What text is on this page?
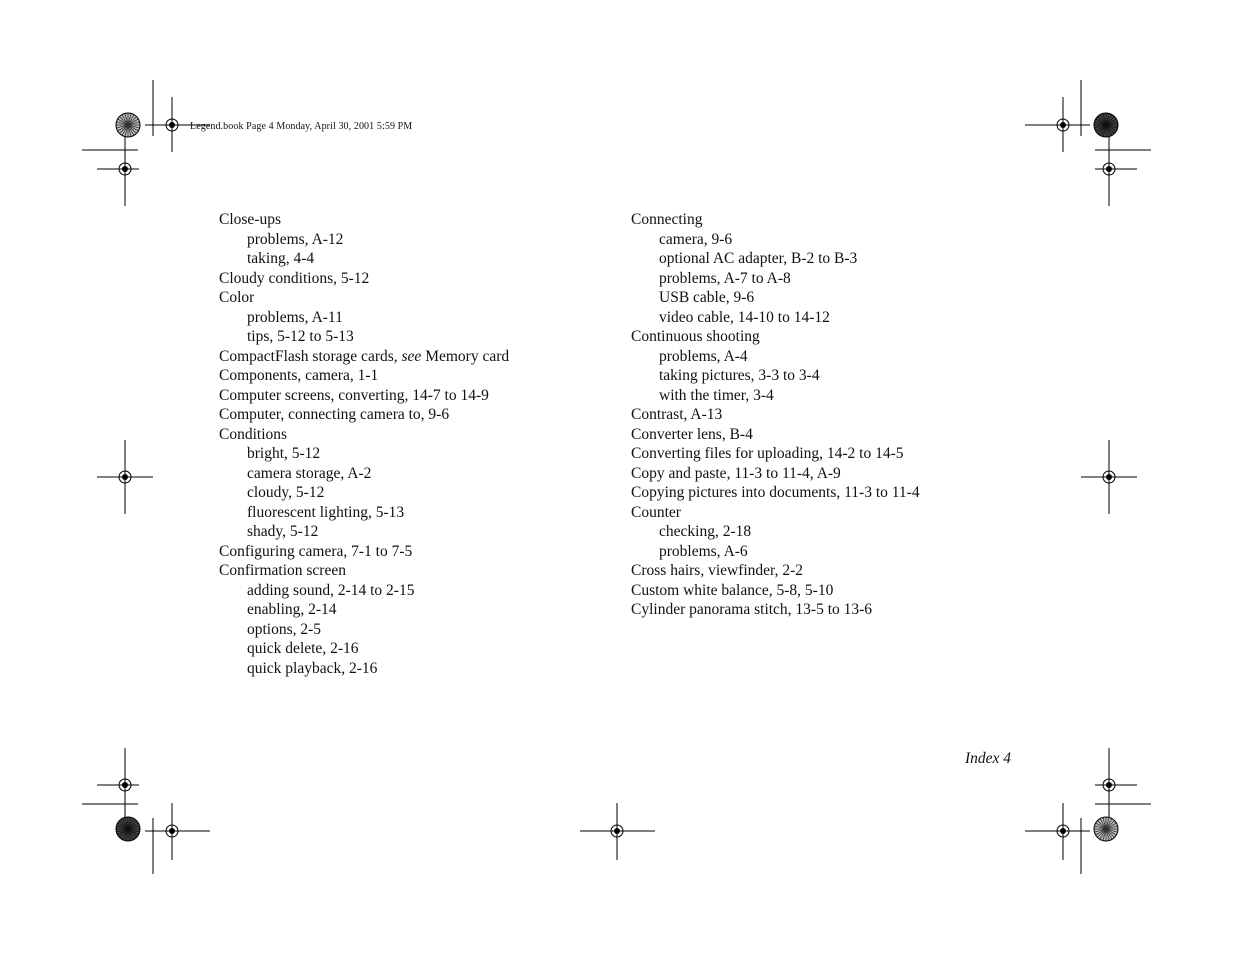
Legend.book Page 4 Monday, April 30, 2001 5:59 PM
Close-ups
problems, A-12
taking, 4-4
Cloudy conditions, 5-12
Color
problems, A-11
tips, 5-12 to 5-13
CompactFlash storage cards, see Memory card
Components, camera, 1-1
Computer screens, converting, 14-7 to 14-9
Computer, connecting camera to, 9-6
Conditions
bright, 5-12
camera storage, A-2
cloudy, 5-12
fluorescent lighting, 5-13
shady, 5-12
Configuring camera, 7-1 to 7-5
Confirmation screen
adding sound, 2-14 to 2-15
enabling, 2-14
options, 2-5
quick delete, 2-16
quick playback, 2-16
Connecting
camera, 9-6
optional AC adapter, B-2 to B-3
problems, A-7 to A-8
USB cable, 9-6
video cable, 14-10 to 14-12
Continuous shooting
problems, A-4
taking pictures, 3-3 to 3-4
with the timer, 3-4
Contrast, A-13
Converter lens, B-4
Converting files for uploading, 14-2 to 14-5
Copy and paste, 11-3 to 11-4, A-9
Copying pictures into documents, 11-3 to 11-4
Counter
checking, 2-18
problems, A-6
Cross hairs, viewfinder, 2-2
Custom white balance, 5-8, 5-10
Cylinder panorama stitch, 13-5 to 13-6
Index 4
